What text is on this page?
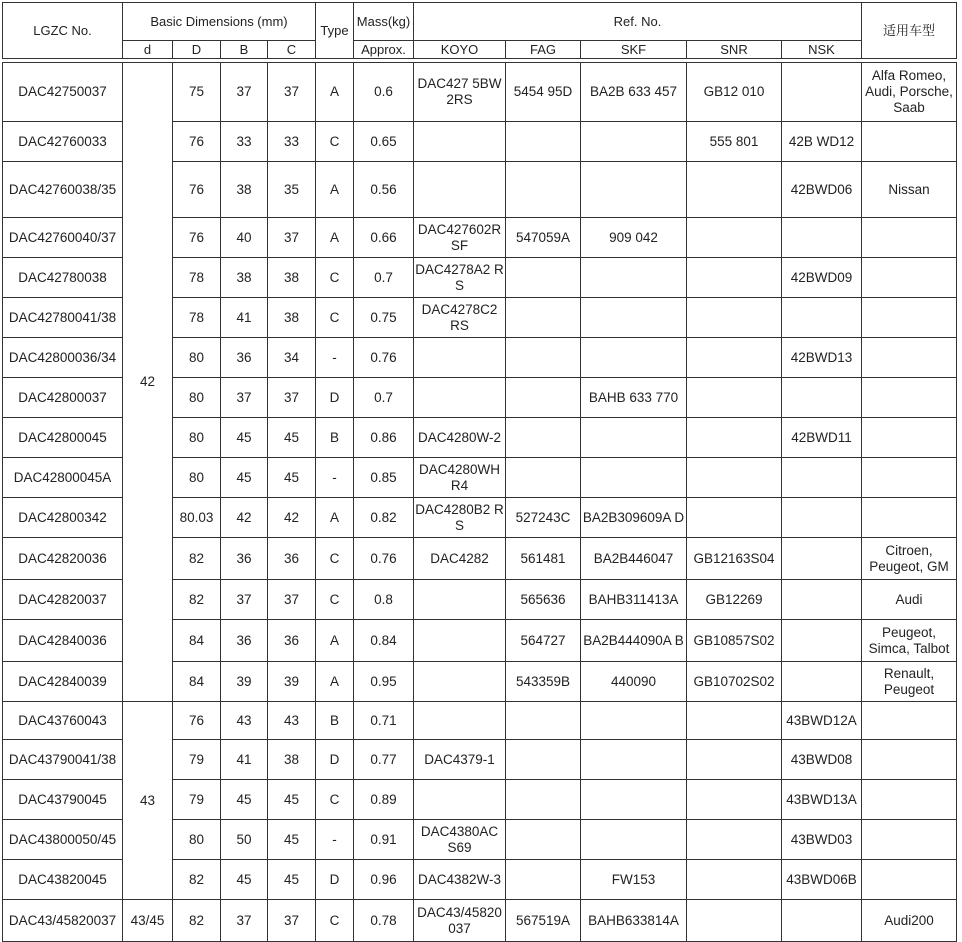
LGZC No.	Basic Dimensions (mm)				Type	Mass(kg)	Ref. No.					适用车型
	d	D	B	C		Approx.	KOYO	FAG	SKF	SNR	NSK	

DAC42750037	42	75	37	37	A	0.6	DAC427 5BW2RS	5454 95D	BA2B 633 457	GB12 010		Alfa Romeo, Audi, Porsche, Saab
DAC42760033		76	33	33	C	0.65				555 801	42B WD12	
DAC42760038/35		76	38	35	A	0.56					42BWD06	Nissan
DAC42760040/37		76	40	37	A	0.66	DAC427602R SF	547059A	909 042			
DAC42780038		78	38	38	C	0.7	DAC4278A2 RS				42BWD09	
DAC42780041/38		78	41	38	C	0.75	DAC4278C2 RS					
DAC42800036/34		80	36	34	-	0.76					42BWD13	
DAC42800037		80	37	37	D	0.7			BAHB 633 770			
DAC42800045		80	45	45	B	0.86	DAC4280W-2				42BWD11	
DAC42800045A		80	45	45	-	0.85	DAC4280WH R4					
DAC42800342		80.03	42	42	A	0.82	DAC4280B2 RS	527243C	BA2B309609A D			
DAC42820036		82	36	36	C	0.76	DAC4282	561481	BA2B446047	GB12163S04		Citroen, Peugeot, GM
DAC42820037		82	37	37	C	0.8		565636	BAHB311413A	GB12269		Audi
DAC42840036		84	36	36	A	0.84		564727	BA2B444090A B	GB10857S02		Peugeot, Simca, Talbot
DAC42840039		84	39	39	A	0.95		543359B	440090	GB10702S02		Renault, Peugeot
DAC43760043	43	76	43	43	B	0.71					43BWD12A	
DAC43790041/38		79	41	38	D	0.77	DAC4379-1				43BWD08	
DAC43790045		79	45	45	C	0.89					43BWD13A	
DAC43800050/45		80	50	45	-	0.91	DAC4380AC S69				43BWD03	
DAC43820045		82	45	45	D	0.96	DAC4382W-3		FW153		43BWD06B	
DAC43/45820037	43/45	82	37	37	C	0.78	DAC43/45820037	567519A	BAHB633814A			Audi200
